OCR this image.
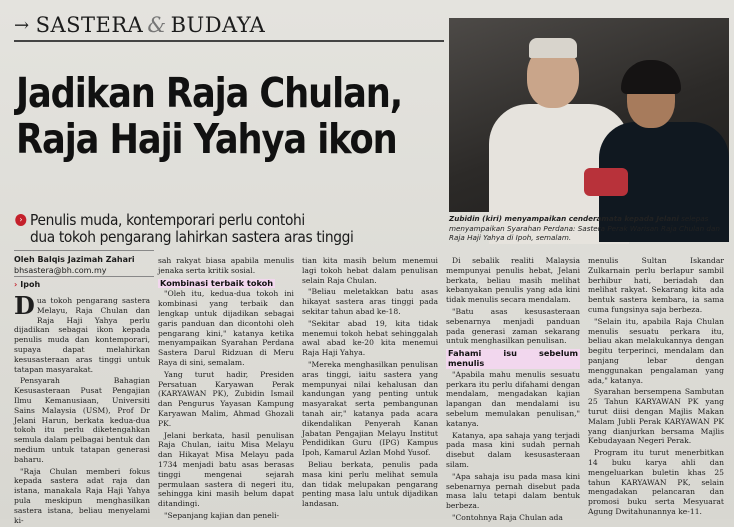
→ SASTERA & BUDAYA
Jadikan Raja Chulan,
Raja Haji Yahya ikon
Zubidin (kiri) menyampaikan cenderamata kepada Jelani selepas menyampaikan Syarahan Perdana: Sastera Perak Warisan Raja Chulan dan Raja Haji Yahya di Ipoh, semalam.
› Penulis muda, kontemporari perlu contohi
dua tokoh pengarang lahirkan sastera aras tinggi
Oleh Balqis Jazimah Zahari
bhsastera@bh.com.my
› Ipoh

Dua tokoh pengarang sastera Melayu, Raja Chulan dan Raja Haji Yahya perlu dijadikan sebagai ikon kepada penulis muda dan kontemporari, supaya dapat melahirkan kesusasteraan aras tinggi untuk tatapan masyarakat.

Pensyarah Bahagian Kesusasteraan Pusat Pengajian Ilmu Kemanusiaan, Universiti Sains Malaysia (USM), Prof Dr Jelani Harun, berkata kedua-dua tokoh itu perlu diketengahkan semula dalam pelbagai bentuk dan medium untuk tatapan generasi baharu.

"Raja Chulan memberi fokus kepada sastera adat raja dan istana, manakala Raja Haji Yahya pula meskipun menghasilkan sastera istana, beliau menyelami ki-

sah rakyat biasa apabila menulis jenaka serta kritik sosial.

Kombinasi terbaik tokoh

"Oleh itu, kedua-dua tokoh ini kombinasi yang terbaik dan lengkap untuk dijadikan sebagai garis panduan dan dicontohi oleh pengarang kini," katanya ketika menyampaikan Syarahan Perdana Sastera Darul Ridzuan di Meru Raya di sini, semalam.

Yang turut hadir, Presiden Persatuan Karyawan Perak (KARYAWAN PK), Zubidin Ismail dan Pengurus Yayasan Kampung Karyawan Malim, Ahmad Ghozali PK.

Jelani berkata, hasil penulisan Raja Chulan, iaitu Misa Melayu dan Hikayat Misa Melayu pada 1734 menjadi batu asas berasas tinggi mengenai sejarah permulaan sastera di negeri itu, sehingga kini masih belum dapat ditandingi.

"Sepanjang kajian dan peneli-

tian kita masih belum menemui lagi tokoh hebat dalam penulisan selain Raja Chulan.

"Beliau meletakkan batu asas hikayat sastera aras tinggi pada sekitar tahun abad ke-18.

"Sekitar abad 19, kita tidak menemui tokoh hebat sehinggalah awal abad ke-20 kita menemui Raja Haji Yahya.

"Mereka menghasilkan penulisan aras tinggi, iaitu sastera yang mempunyai nilai kehalusan dan kandungan yang penting untuk masyarakat serta pembangunan tanah air," katanya pada acara dikendalikan Penyerah Kanan Jabatan Pengajian Melayu Institut Pendidikan Guru (IPG) Kampus Ipoh, Kamarul Azlan Mohd Yusof.

Beliau berkata, penulis pada masa kini perlu melihat semula dan tidak melupakan pengarang penting masa lalu untuk dijadikan landasan.

Di sebalik realiti Malaysia mempunyai penulis hebat, Jelani berkata, beliau masih melihat kebanyakan penulis yang ada kini tidak menulis secara mendalam.

"Batu asas kesusasteraan sebenarnya menjadi panduan pada generasi zaman sekarang untuk menghasilkan penulisan.

Fahami isu sebelum menulis

"Apabila mahu menulis sesuatu perkara itu perlu difahami dengan mendalam, mengadakan kajian lapangan dan mendalami isu sebelum memulakan penulisan," katanya.

Katanya, apa sahaja yang terjadi pada masa kini sudah pernah disebut dalam kesusasteraan silam.

"Apa sahaja isu pada masa kini sebenarnya pernah disebut pada masa lalu tetapi dalam bentuk berbeza.

"Contohnya Raja Chulan ada

menulis Sultan Iskandar Zulkarnain perlu berlapur sambil berhibur hati, beriadah dan melihat rakyat. Sekarang kita ada bentuk sastera kembara, ia sama cuma fungsinya saja berbeza.

"Selain itu, apabila Raja Chulan menulis sesuatu perkara itu, beliau akan melakukannya dengan begitu terperinci, mendalam dan panjang lebar dengan menggunakan pengalaman yang ada," katanya.

Syarahan bersempena Sambutan 25 Tahun KARYAWAN PK yang turut diisi dengan Majlis Makan Malam Jubli Perak KARYAWAN PK yang dianjurkan bersama Majlis Kebudayaan Negeri Perak.

Program itu turut menerbitkan 14 buku karya ahli dan mengeluarkan buletin khas 25 tahun KARYAWAN PK, selain mengadakan pelancaran dan promosi buku serta Mesyuarat Agung Dwitahunannya ke-11.
